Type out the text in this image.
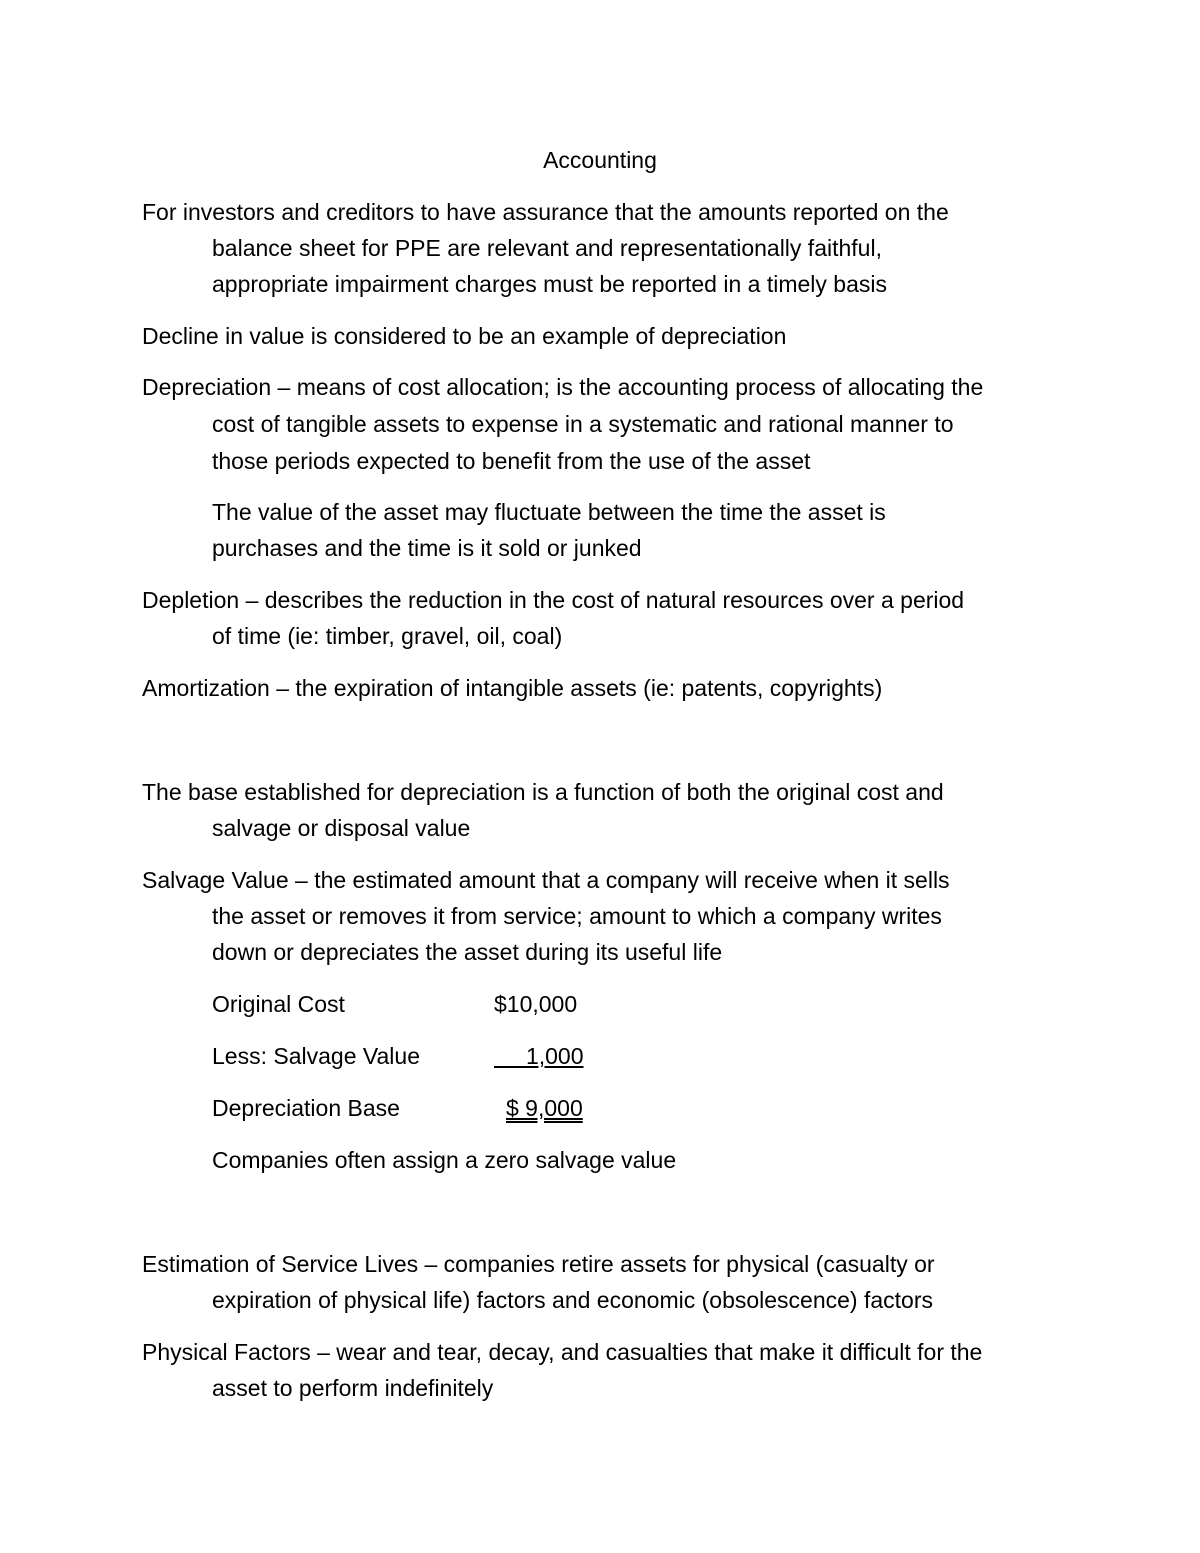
Accounting
For investors and creditors to have assurance that the amounts reported on the
balance sheet for PPE are relevant and representationally faithful,
appropriate impairment charges must be reported in a timely basis
Decline in value is considered to be an example of depreciation
Depreciation – means of cost allocation; is the accounting process of allocating the
cost of tangible assets to expense in a systematic and rational manner to
those periods expected to benefit from the use of the asset
The value of the asset may fluctuate between the time the asset is
purchases and the time is it sold or junked
Depletion – describes the reduction in the cost of natural resources over a period
of time (ie: timber, gravel, oil, coal)
Amortization – the expiration of intangible assets (ie: patents, copyrights)
The base established for depreciation is a function of both the original cost and
salvage or disposal value
Salvage Value – the estimated amount that a company will receive when it sells
the asset or removes it from service; amount to which a company writes
down or depreciates the asset during its useful life
Original Cost	$10,000
Less: Salvage Value	1,000
Depreciation Base	$ 9,000
Companies often assign a zero salvage value
Estimation of Service Lives – companies retire assets for physical (casualty or
expiration of physical life) factors and economic (obsolescence) factors
Physical Factors – wear and tear, decay, and casualties that make it difficult for the
asset to perform indefinitely
